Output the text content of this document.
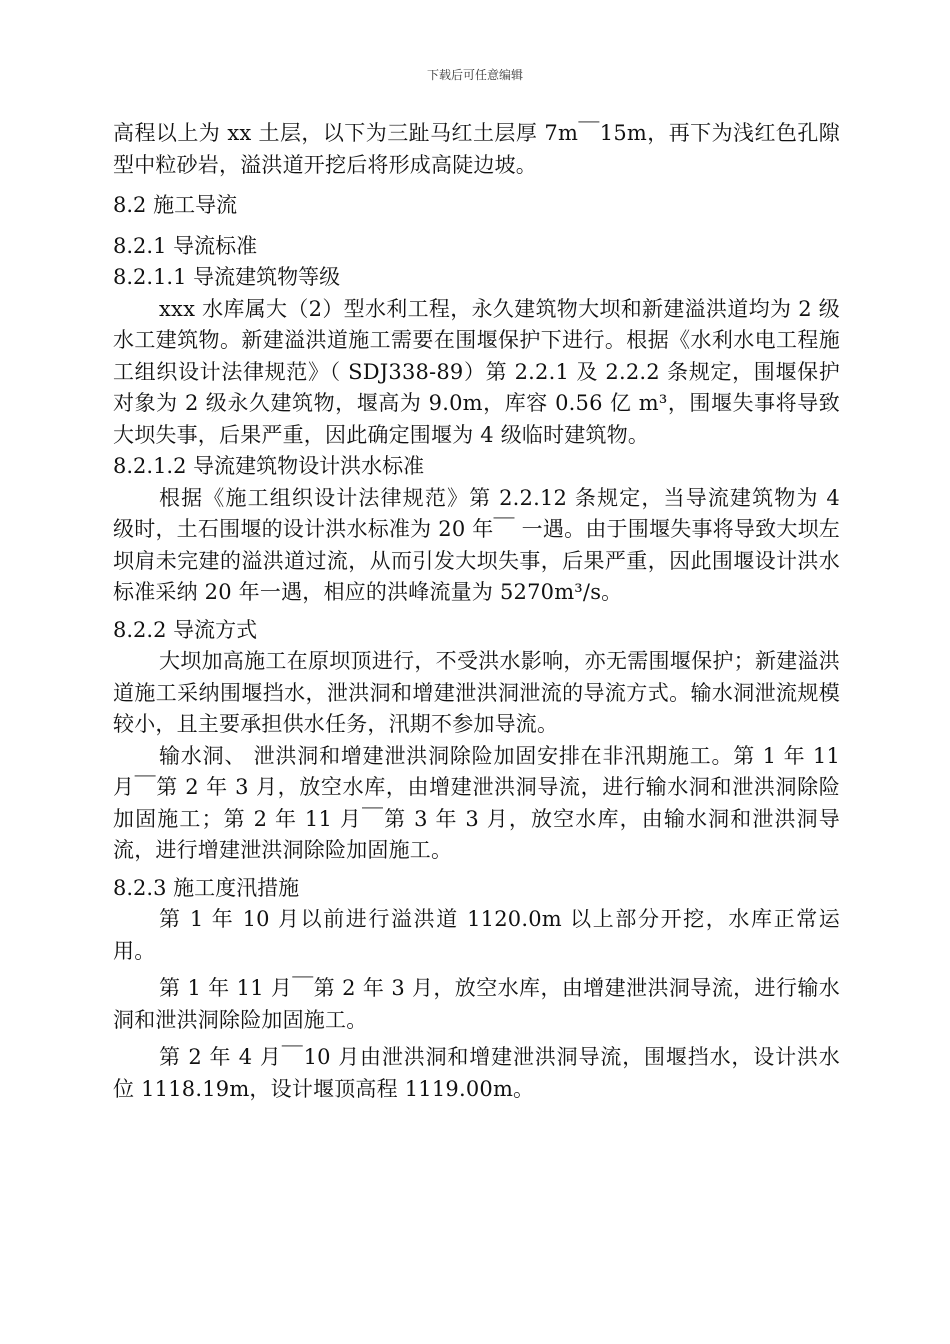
下载后可任意编辑

高程以上为 xx 土层，以下为三趾马红土层厚 7m￣15m，再下为浅红色孔隙型中粒砂岩，溢洪道开挖后将形成高陡边坡。

8.2 施工导流

8.2.1 导流标准

8.2.1.1 导流建筑物等级

xxx 水库属大（2）型水利工程，永久建筑物大坝和新建溢洪道均为 2 级水工建筑物。新建溢洪道施工需要在围堰保护下进行。根据《水利水电工程施工组织设计法律规范》（ SDJ338-89）第 2.2.1 及 2.2.2 条规定，围堰保护对象为 2 级永久建筑物，堰高为 9.0m，库容 0.56 亿 m³，围堰失事将导致大坝失事，后果严重，因此确定围堰为 4 级临时建筑物。

8.2.1.2 导流建筑物设计洪水标准

根据《施工组织设计法律规范》第 2.2.12 条规定，当导流建筑物为 4 级时，土石围堰的设计洪水标准为 20 年￣ 一遇。由于围堰失事将导致大坝左坝肩未完建的溢洪道过流，从而引发大坝失事，后果严重，因此围堰设计洪水标准采纳 20 年一遇，相应的洪峰流量为 5270m³/s。

8.2.2 导流方式

大坝加高施工在原坝顶进行，不受洪水影响，亦无需围堰保护；新建溢洪道施工采纳围堰挡水，泄洪洞和增建泄洪洞泄流的导流方式。输水洞泄流规模较小，且主要承担供水任务，汛期不参加导流。

输水洞、 泄洪洞和增建泄洪洞除险加固安排在非汛期施工。第 1 年 11 月￣第 2 年 3 月，放空水库，由增建泄洪洞导流，进行输水洞和泄洪洞除险加固施工；第 2 年 11 月￣第 3 年 3 月，放空水库，由输水洞和泄洪洞导流，进行增建泄洪洞除险加固施工。

8.2.3 施工度汛措施

第 1 年 10 月以前进行溢洪道 1120.0m 以上部分开挖，水库正常运用。

第 1 年 11 月￣第 2 年 3 月，放空水库，由增建泄洪洞导流，进行输水洞和泄洪洞除险加固施工。

第 2 年 4 月￣10 月由泄洪洞和增建泄洪洞导流，围堰挡水，设计洪水位 1118.19m，设计堰顶高程 1119.00m。
